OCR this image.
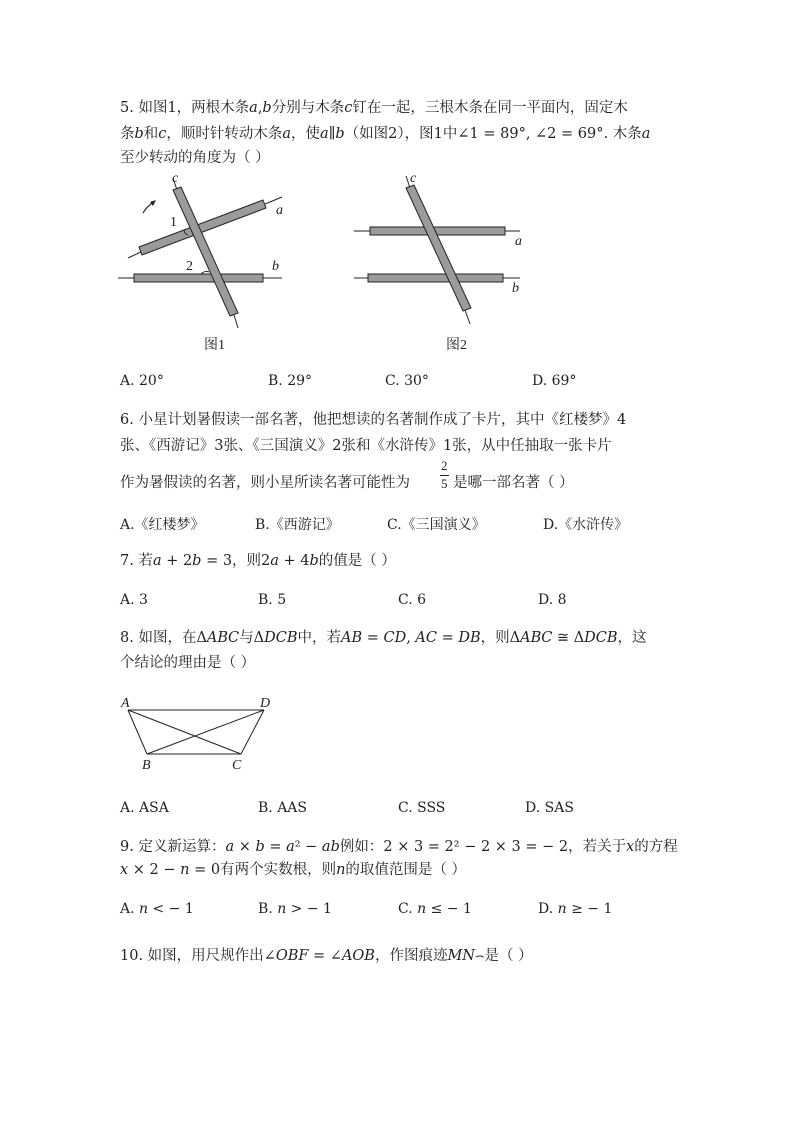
5. 如图1，两根木条𝑎,𝑏分别与木条𝑐钉在一起，三根木条在同一平面内，固定木
条𝑏和𝑐，顺时针转动木条𝑎，使𝑎∥𝑏（如图2），图1中∠1 = 89°, ∠2 = 69°. 木条𝑎
至少转动的角度为（ ）
c
a
b
1
2
图1
c
a
b
图2
A. 20°	B. 29°	C. 30°	D. 69°
6. 小星计划暑假读一部名著，他把想读的名著制作成了卡片，其中《红楼梦》4
张、《西游记》3张、《三国演义》2张和《水浒传》1张，从中任抽取一张卡片
作为暑假读的名著，则小星所读名著可能性为
2
5 是哪一部名著（ ）
A.《红楼梦》	B.《西游记》	C.《三国演义》	D.《水浒传》
7. 若𝑎 + 2𝑏 = 3，则2𝑎 + 4𝑏的值是（ ）
A. 3	B. 5	C. 6	D. 8
8. 如图，在Δ𝐴𝐵𝐶与Δ𝐷𝐶𝐵中，若𝐴𝐵 = 𝐶𝐷, 𝐴𝐶 = 𝐷𝐵，则Δ𝐴𝐵𝐶 ≅ Δ𝐷𝐶𝐵，这
个结论的理由是（ ）
A	D
B	C
A. ASA	B. AAS	C. SSS	D. SAS
9. 定义新运算：𝑎 × 𝑏 = 𝑎² − 𝑎𝑏例如：2 × 3 = 2² − 2 × 3 = − 2，若关于𝑥的方程
𝑥 × 2 − 𝑛 = 0有两个实数根，则𝑛的取值范围是（ ）
A. 𝑛 < − 1	B. 𝑛 > − 1	C. 𝑛 ≤ − 1	D. 𝑛 ≥ − 1
10. 如图，用尺规作出∠𝑂𝐵𝐹 = ∠𝐴𝑂𝐵，作图痕迹𝑀𝑁⌢是（ ）
